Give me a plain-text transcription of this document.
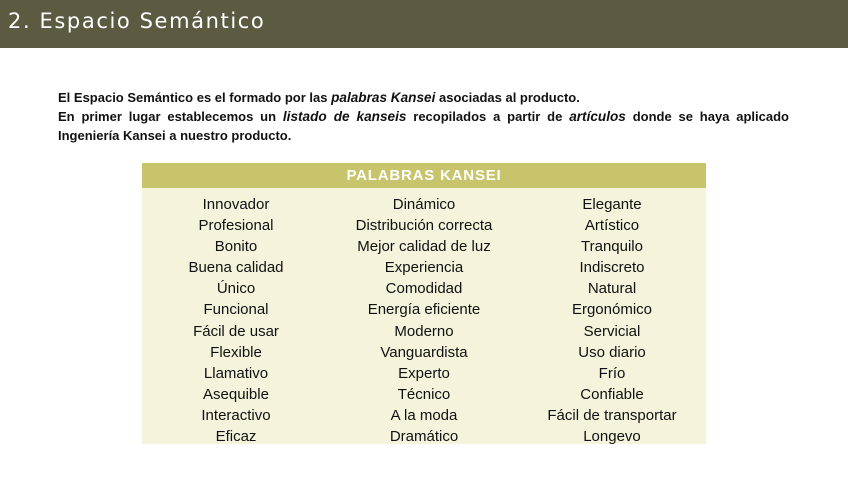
2. Espacio Semántico

El Espacio Semántico es el formado por las palabras Kansei asociadas al producto.

En primer lugar establecemos un listado de kanseis recopilados a partir de artículos donde se haya aplicado

Ingeniería Kansei a nuestro producto.

PALABRAS KANSEI
Innovador
Profesional
Bonito
Buena calidad
Único
Funcional
Fácil de usar
Flexible
Llamativo
Asequible
Interactivo
Eficaz
Dinámico
Distribución correcta
Mejor calidad de luz
Experiencia
Comodidad
Energía eficiente
Moderno
Vanguardista
Experto
Técnico
A la moda
Dramático
Elegante
Artístico
Tranquilo
Indiscreto
Natural
Ergonómico
Servicial
Uso diario
Frío
Confiable
Fácil de transportar
Longevo
